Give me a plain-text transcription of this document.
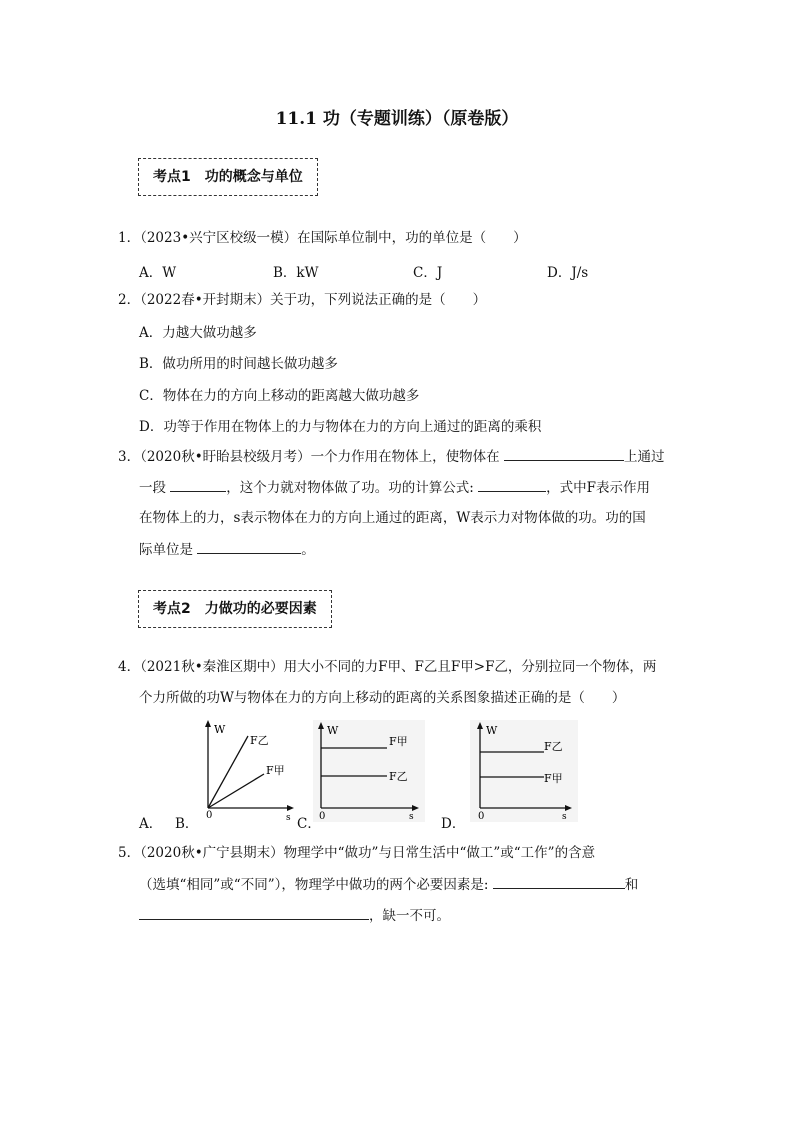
11.1 功（专题训练）（原卷版）
考点1　功的概念与单位
1．（2023•兴宁区校级一模）在国际单位制中，功的单位是（　　）
A．W	B．kW	C．J	D．J/s
2．（2022春•开封期末）关于功，下列说法正确的是（　　）
A．力越大做功越多
B．做功所用的时间越长做功越多
C．物体在力的方向上移动的距离越大做功越多
D．功等于作用在物体上的力与物体在力的方向上通过的距离的乘积
3．（2020秋•盱眙县校级月考）一个力作用在物体上，使物体在	上通过
一段	，这个力就对物体做了功。功的计算公式:	，式中F表示作用
在物体上的力，s表示物体在力的方向上通过的距离，W表示力对物体做的功。功的国
际单位是	。
考点2　力做功的必要因素
4．（2021秋•秦淮区期中）用大小不同的力F甲、F乙且F甲>F乙，分别拉同一个物体，两
个力所做的功W与物体在力的方向上移动的距离的关系图象描述正确的是（　　）
W
0	s
F乙
F甲
W
0	s
F甲
F乙
W
0	s
F乙
F甲
A． B．	C．	D．
5．（2020秋•广宁县期末）物理学中“做功”与日常生活中“做工”或“工作”的含意
（选填“相同”或“不同”），物理学中做功的两个必要因素是:	和
，缺一不可。
